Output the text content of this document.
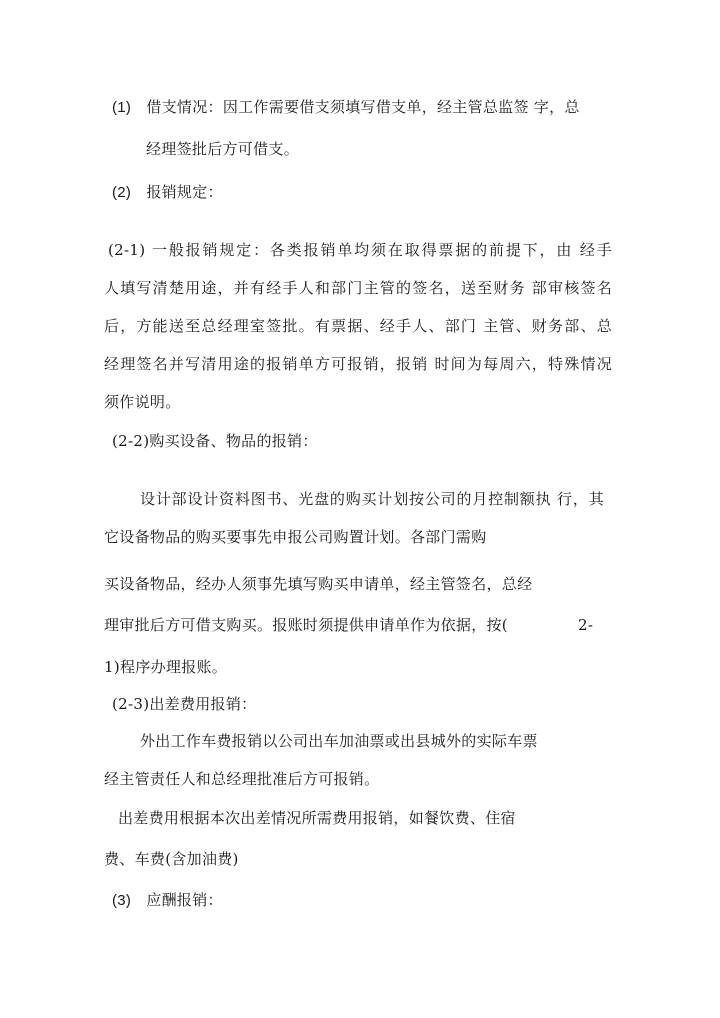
(1) 借支情况：因工作需要借支须填写借支单，经主管总监签 字，总
经理签批后方可借支。
(2) 报销规定：
(2-1) 一般报销规定：各类报销单均须在取得票据的前提下，由 经手
人填写清楚用途，并有经手人和部门主管的签名，送至财务 部审核签名
后，方能送至总经理室签批。有票据、经手人、部门 主管、财务部、总
经理签名并写清用途的报销单方可报销，报销 时间为每周六，特殊情况
须作说明。
(2-2)购买设备、物品的报销：
设计部设计资料图书、光盘的购买计划按公司的月控制额执 行，其
它设备物品的购买要事先申报公司购置计划。各部门需购
买设备物品，经办人须事先填写购买申请单，经主管签名，总经
理审批后方可借支购买。报账时须提供申请单作为依据，按(	2-
1)程序办理报账。
(2-3)出差费用报销：
外出工作车费报销以公司出车加油票或出县城外的实际车票
经主管责任人和总经理批准后方可报销。
出差费用根据本次出差情况所需费用报销，如餐饮费、住宿
费、车费(含加油费)
(3) 应酬报销：
